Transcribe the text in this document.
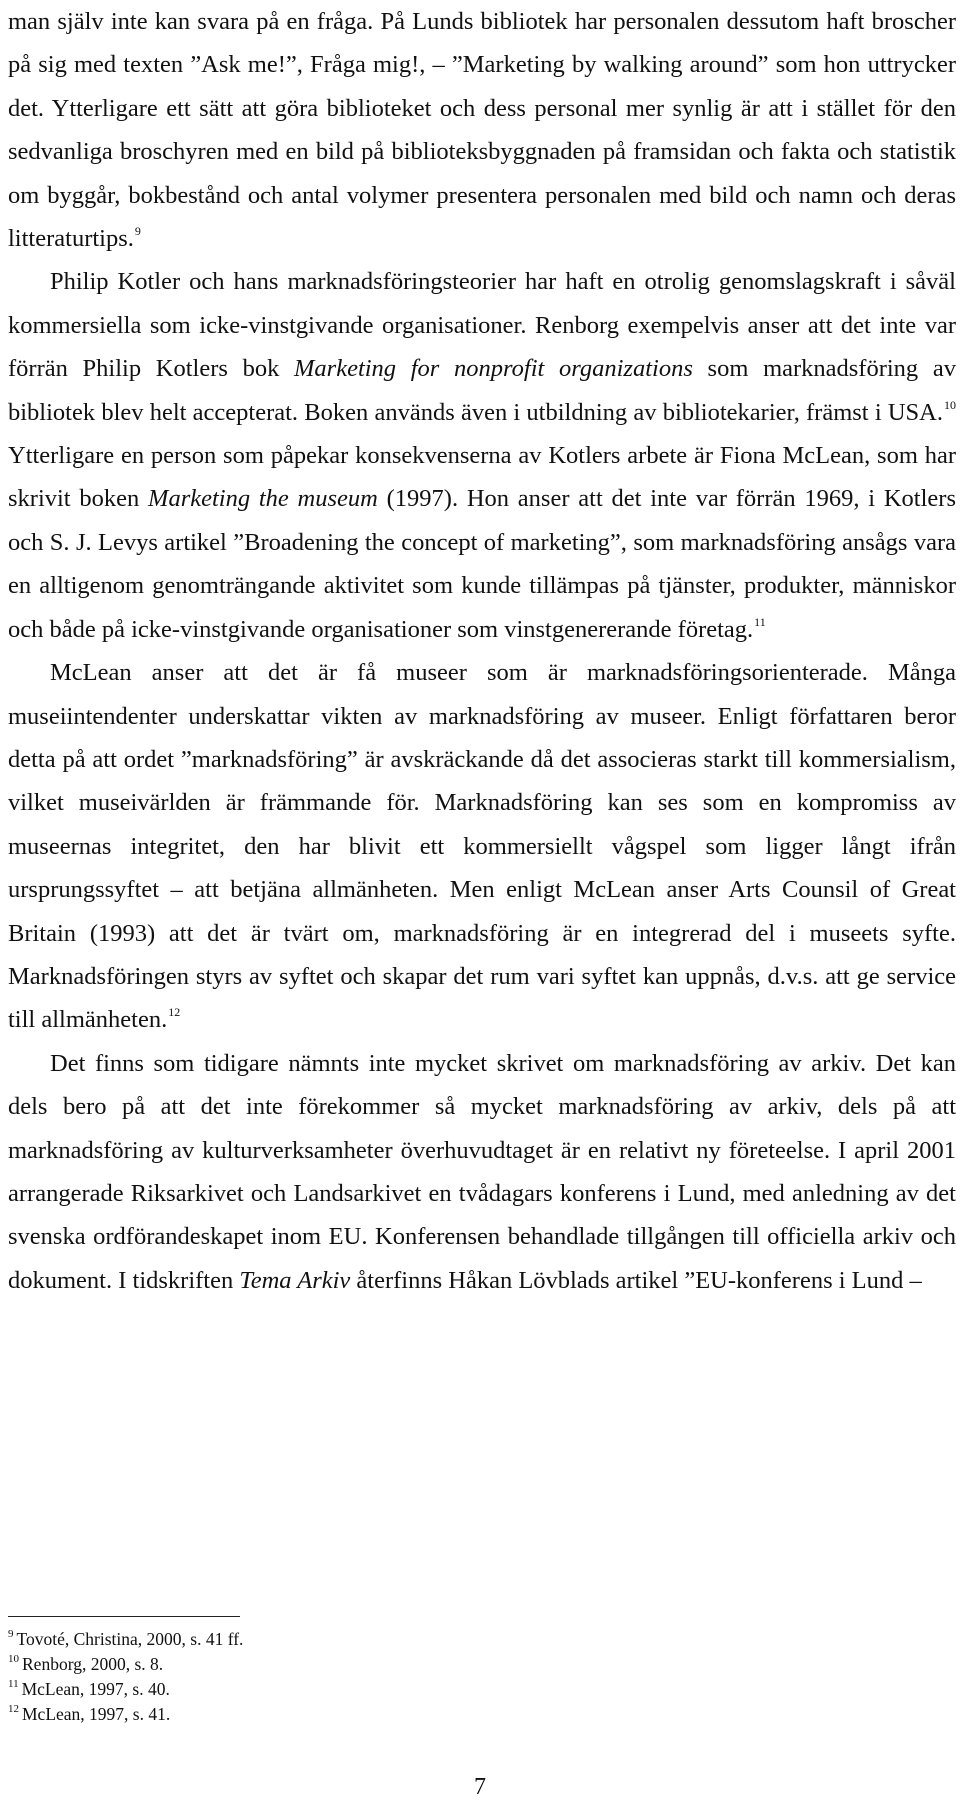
man själv inte kan svara på en fråga. På Lunds bibliotek har personalen dessutom haft broscher på sig med texten ”Ask me!”, Fråga mig!, – ”Marketing by walking around” som hon uttrycker det. Ytterligare ett sätt att göra biblioteket och dess personal mer synlig är att i stället för den sedvanliga broschyren med en bild på biblioteksbyggnaden på framsidan och fakta och statistik om byggår, bokbestånd och antal volymer presentera personalen med bild och namn och deras litteraturtips.$^9$

Philip Kotler och hans marknadsföringsteorier har haft en otrolig genomslagskraft i såväl kommersiella som icke-vinstgivande organisationer. Renborg exempelvis anser att det inte var förrän Philip Kotlers bok Marketing for nonprofit organizations som marknadsföring av bibliotek blev helt accepterat. Boken används även i utbildning av bibliotekarier, främst i USA.$^{10}$ Ytterligare en person som påpekar konsekvenserna av Kotlers arbete är Fiona McLean, som har skrivit boken Marketing the museum (1997). Hon anser att det inte var förrän 1969, i Kotlers och S. J. Levys artikel ”Broadening the concept of marketing”, som marknadsföring ansågs vara en alltigenom genomträngande aktivitet som kunde tillämpas på tjänster, produkter, människor och både på icke-vinstgivande organisationer som vinstgenererande företag.$^{11}$

McLean anser att det är få museer som är marknadsföringsorienterade. Många museiintendenter underskattar vikten av marknadsföring av museer. Enligt författaren beror detta på att ordet ”marknadsföring” är avskräckande då det associeras starkt till kommersialism, vilket museivärlden är främmande för. Marknadsföring kan ses som en kompromiss av museernas integritet, den har blivit ett kommersiellt vågspel som ligger långt ifrån ursprungssyftet – att betjäna allmänheten. Men enligt McLean anser Arts Counsil of Great Britain (1993) att det är tvärt om, marknadsföring är en integrerad del i museets syfte. Marknadsföringen styrs av syftet och skapar det rum vari syftet kan uppnås, d.v.s. att ge service till allmänheten.$^{12}$

Det finns som tidigare nämnts inte mycket skrivet om marknadsföring av arkiv. Det kan dels bero på att det inte förekommer så mycket marknadsföring av arkiv, dels på att marknadsföring av kulturverksamheter överhuvudtaget är en relativt ny företeelse. I april 2001 arrangerade Riksarkivet och Landsarkivet en tvådagars konferens i Lund, med anledning av det svenska ordförandeskapet inom EU. Konferensen behandlade tillgången till officiella arkiv och dokument. I tidskriften Tema Arkiv återfinns Håkan Lövblads artikel ”EU-konferens i Lund –

$^9$ Tovoté, Christina, 2000, s. 41 ff.
$^{10}$ Renborg, 2000, s. 8.
$^{11}$ McLean, 1997, s. 40.
$^{12}$ McLean, 1997, s. 41.
7
